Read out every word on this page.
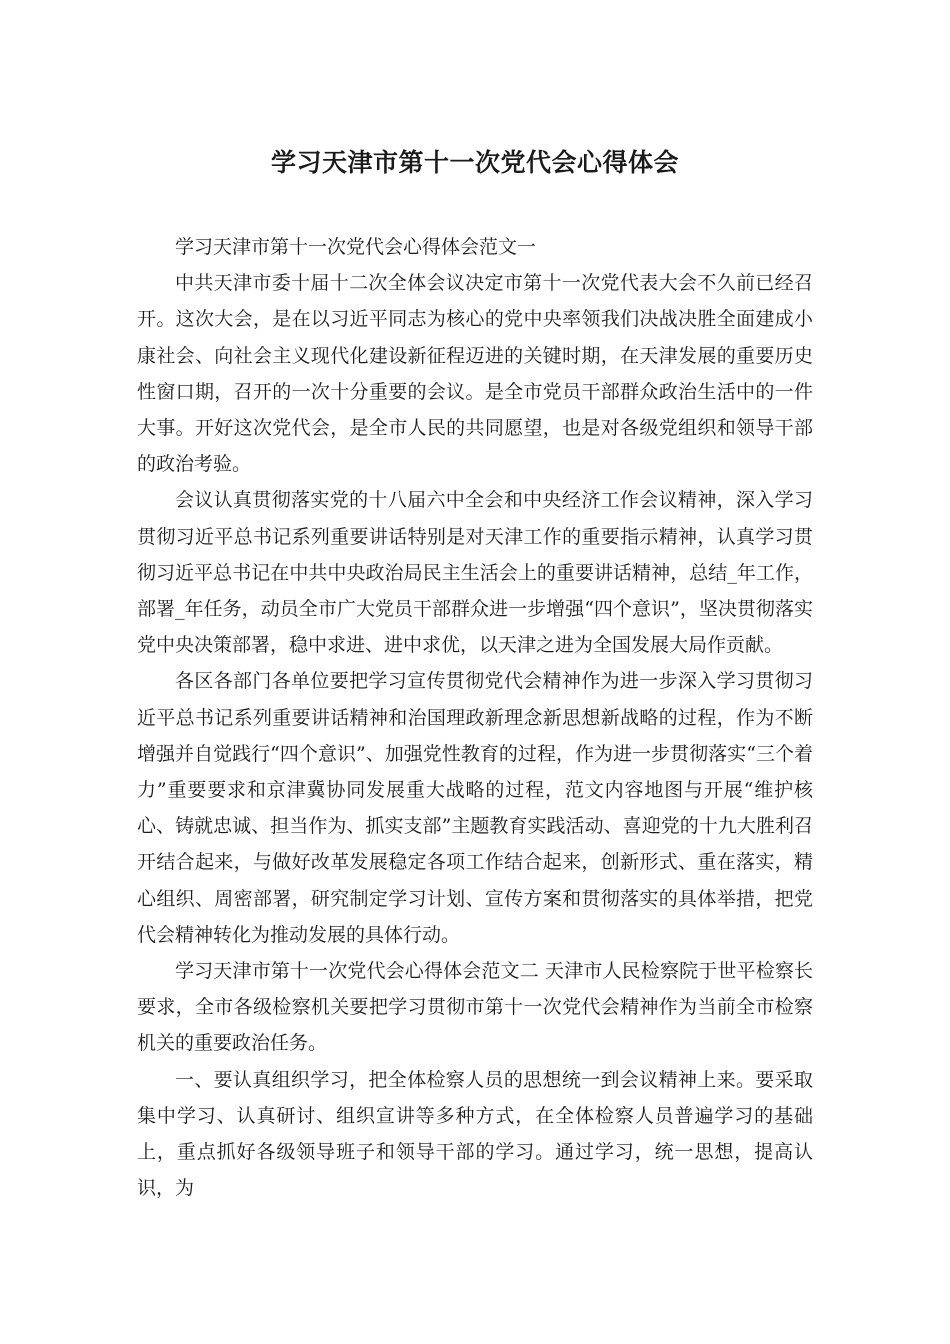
学习天津市第十一次党代会心得体会

学习天津市第十一次党代会心得体会范文一

中共天津市委十届十二次全体会议决定市第十一次党代表大会不久前已经召开。这次大会，是在以习近平同志为核心的党中央率领我们决战决胜全面建成小康社会、向社会主义现代化建设新征程迈进的关键时期，在天津发展的重要历史性窗口期，召开的一次十分重要的会议。是全市党员干部群众政治生活中的一件大事。开好这次党代会，是全市人民的共同愿望，也是对各级党组织和领导干部的政治考验。

会议认真贯彻落实党的十八届六中全会和中央经济工作会议精神，深入学习贯彻习近平总书记系列重要讲话特别是对天津工作的重要指示精神，认真学习贯彻习近平总书记在中共中央政治局民主生活会上的重要讲话精神，总结_年工作，部署_年任务，动员全市广大党员干部群众进一步增强“四个意识”，坚决贯彻落实党中央决策部署，稳中求进、进中求优，以天津之进为全国发展大局作贡献。

各区各部门各单位要把学习宣传贯彻党代会精神作为进一步深入学习贯彻习近平总书记系列重要讲话精神和治国理政新理念新思想新战略的过程，作为不断增强并自觉践行“四个意识”、加强党性教育的过程，作为进一步贯彻落实“三个着力”重要要求和京津冀协同发展重大战略的过程，范文内容地图与开展“维护核心、铸就忠诚、担当作为、抓实支部”主题教育实践活动、喜迎党的十九大胜利召开结合起来，与做好改革发展稳定各项工作结合起来，创新形式、重在落实，精心组织、周密部署，研究制定学习计划、宣传方案和贯彻落实的具体举措，把党代会精神转化为推动发展的具体行动。

学习天津市第十一次党代会心得体会范文二 天津市人民检察院于世平检察长要求，全市各级检察机关要把学习贯彻市第十一次党代会精神作为当前全市检察机关的重要政治任务。

一、要认真组织学习，把全体检察人员的思想统一到会议精神上来。要采取集中学习、认真研讨、组织宣讲等多种方式，在全体检察人员普遍学习的基础上，重点抓好各级领导班子和领导干部的学习。通过学习，统一思想，提高认识，为
